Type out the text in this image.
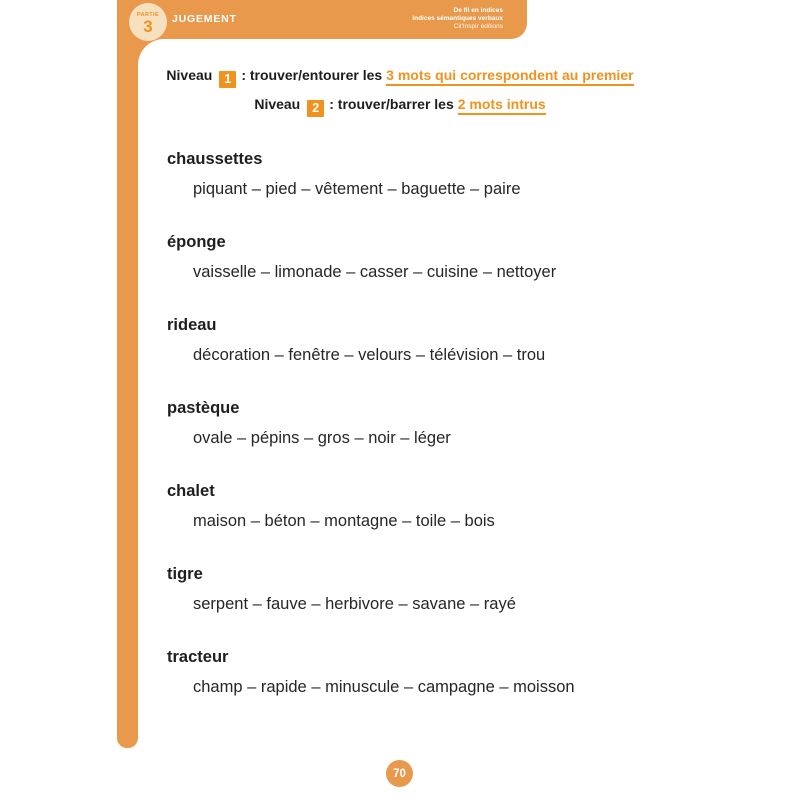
PARTIE
3 JUGEMENT
De fil en indices
Indices sémantiques verbaux
Cit'Inspir éditions
Niveau 1 : trouver/entourer les 3 mots qui correspondent au premier
Niveau 2 : trouver/barrer les 2 mots intrus

chaussettes

piquant – pied – vêtement – baguette – paire

éponge

vaisselle – limonade – casser – cuisine – nettoyer

rideau

décoration – fenêtre – velours – télévision – trou

pastèque

ovale – pépins – gros – noir – léger

chalet

maison – béton – montagne – toile – bois

tigre

serpent – fauve – herbivore – savane – rayé

tracteur

champ – rapide – minuscule – campagne – moisson

70
